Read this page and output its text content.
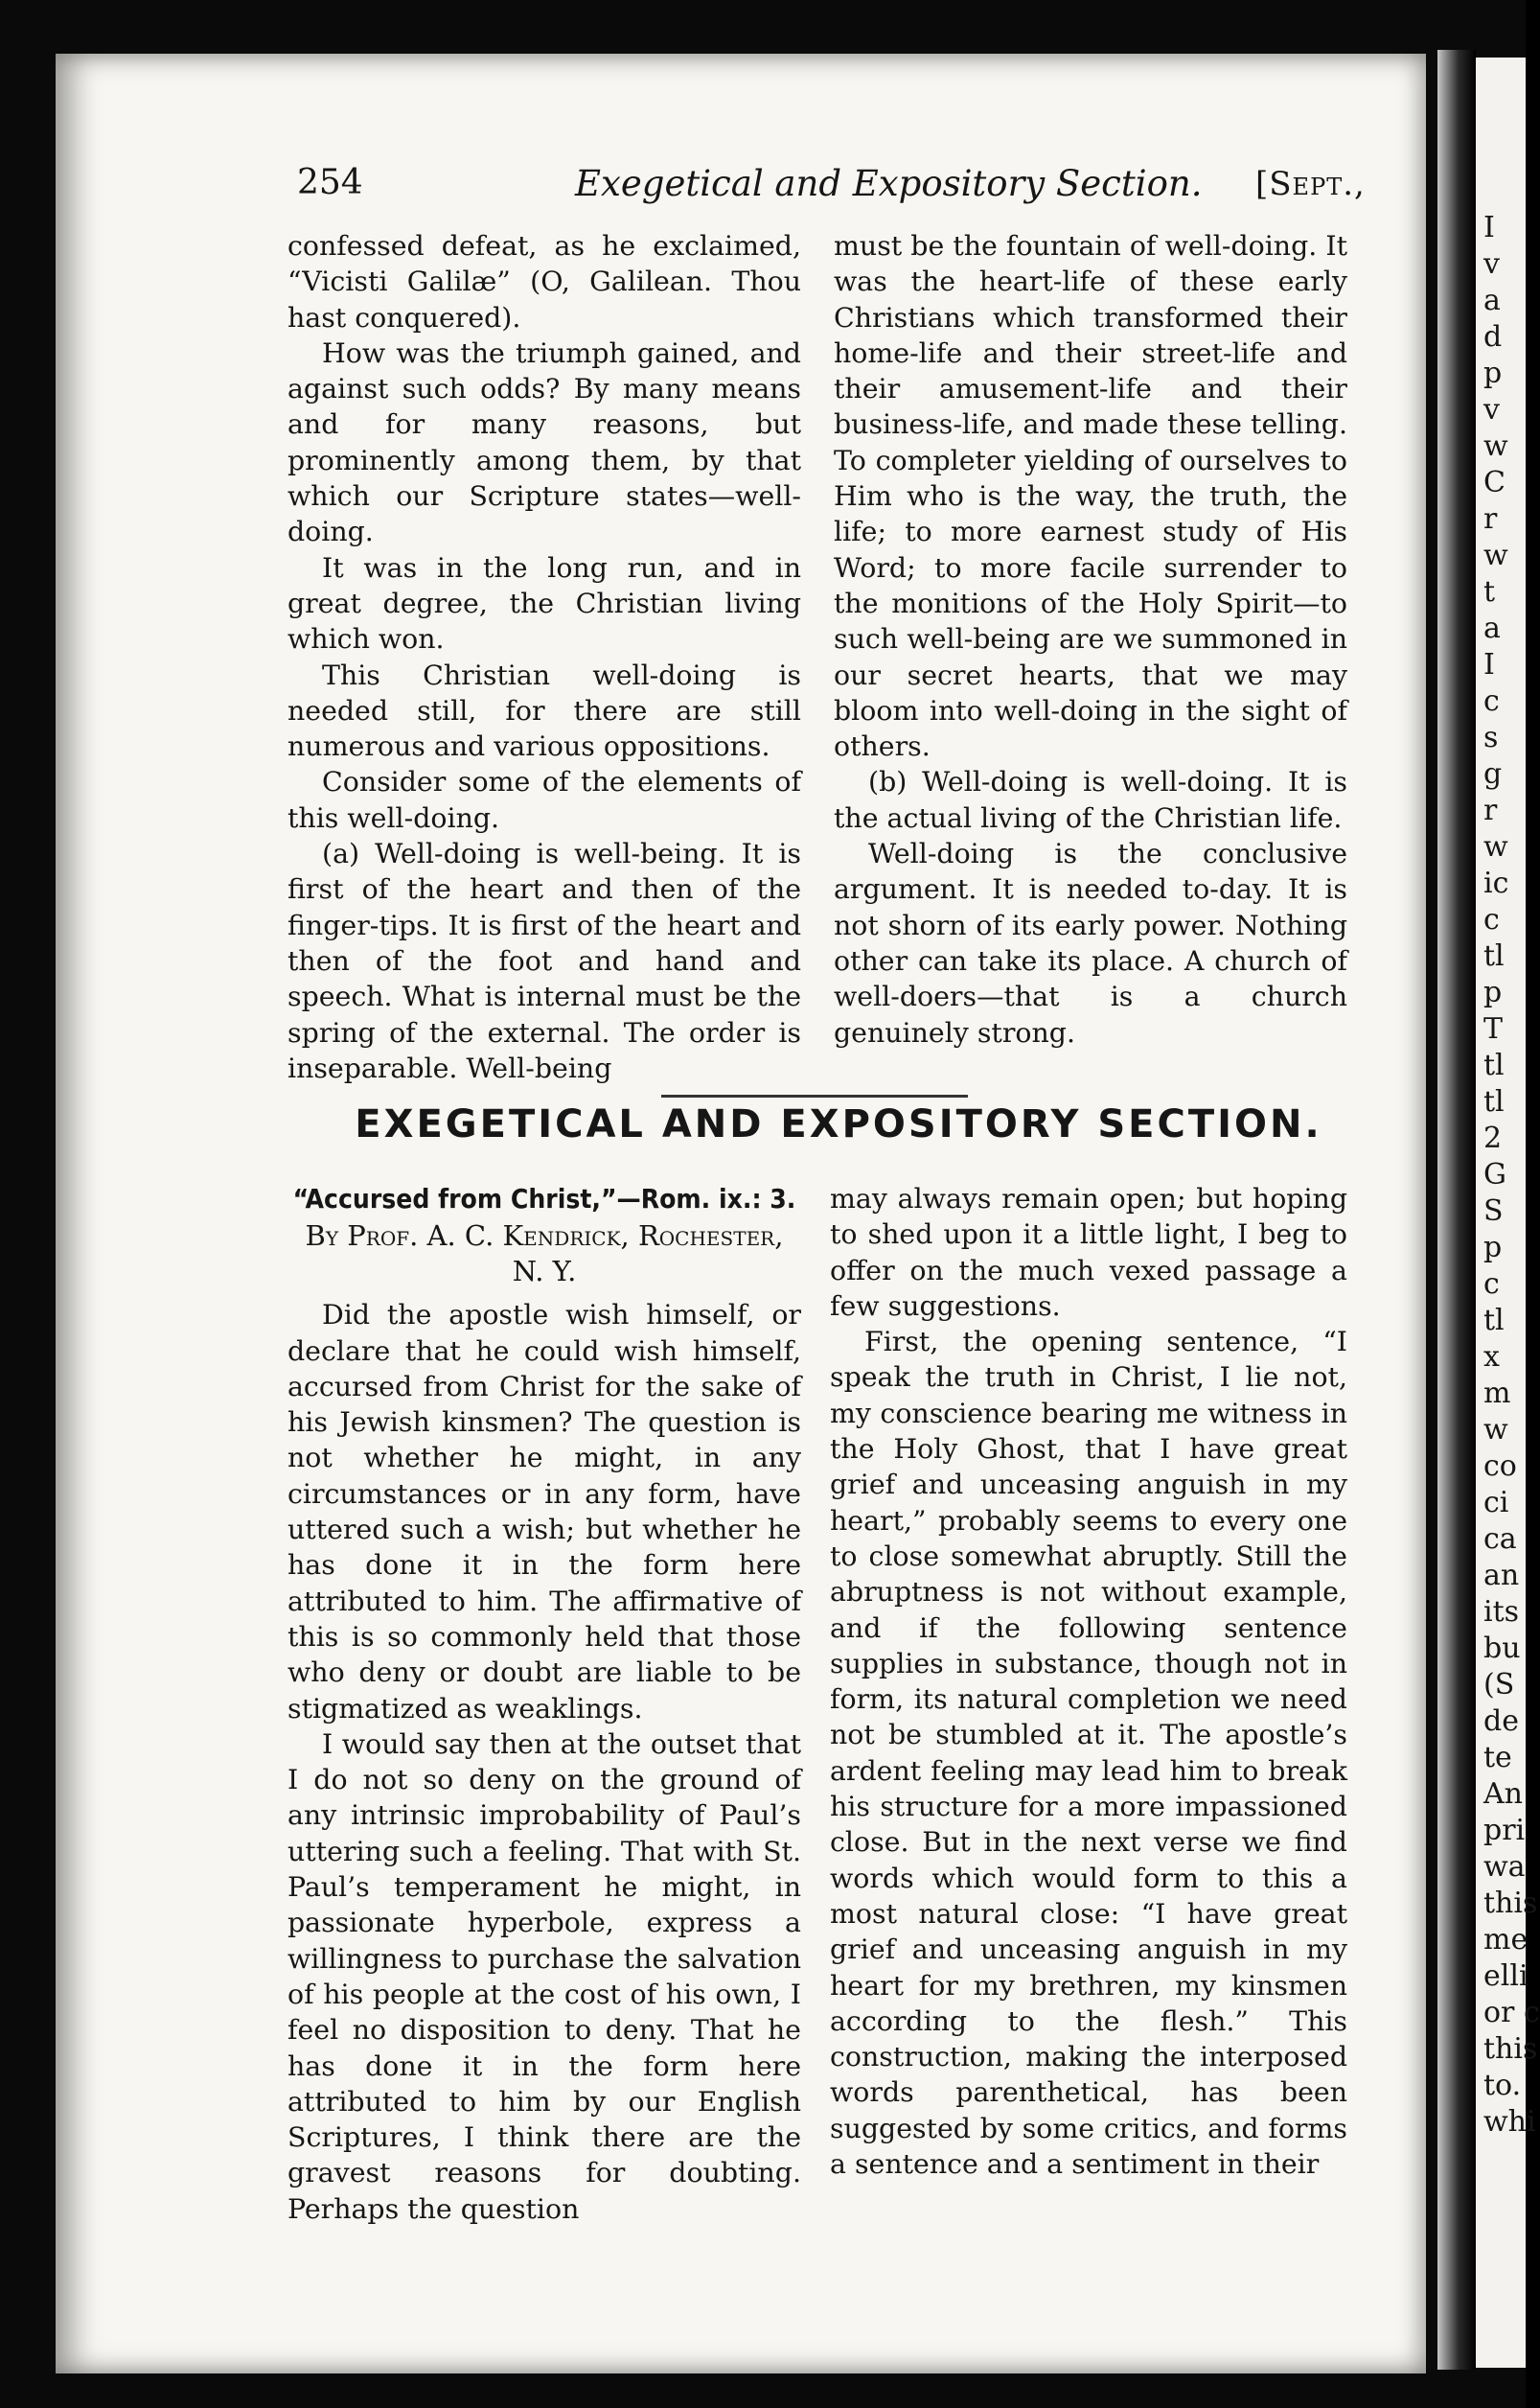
I
v
a
d
p
v
w
C
r
w
t
a
I
c
s
g
r
w
ic
c
tl
p
T
tl
tl
2
G
S
p
c
tl
x
m
w
co
ci
ca
an
its
bu
(S
de
te
An
pri
wa
this
me
elli
or c
this
to.
whi
254	Exegetical and Expository Section. [Sept.,

confessed defeat, as he exclaimed, “Vicisti Galilæ” (O, Galilean. Thou hast conquered).

How was the triumph gained, and against such odds? By many means and for many reasons, but prominently among them, by that which our Scripture states—well-doing.

It was in the long run, and in great degree, the Christian living which won.

This Christian well-doing is needed still, for there are still numerous and various oppositions.

Consider some of the elements of this well-doing.

(a) Well-doing is well-being. It is first of the heart and then of the finger-tips. It is first of the heart and then of the foot and hand and speech. What is internal must be the spring of the external. The order is inseparable. Well-being

must be the fountain of well-doing. It was the heart-life of these early Christians which transformed their home-life and their street-life and their amusement-life and their business-life, and made these telling. To completer yielding of ourselves to Him who is the way, the truth, the life; to more earnest study of His Word; to more facile surrender to the monitions of the Holy Spirit—to such well-being are we summoned in our secret hearts, that we may bloom into well-doing in the sight of others.

(b) Well-doing is well-doing. It is the actual living of the Christian life.

Well-doing is the conclusive argument. It is needed to-day. It is not shorn of its early power. Nothing other can take its place. A church of well-doers—that is a church genuinely strong.

EXEGETICAL AND EXPOSITORY SECTION.
“Accursed from Christ,”—Rom. ix.: 3.
By Prof. A. C. Kendrick, Rochester, N. Y.

Did the apostle wish himself, or declare that he could wish himself, accursed from Christ for the sake of his Jewish kinsmen? The question is not whether he might, in any circumstances or in any form, have uttered such a wish; but whether he has done it in the form here attributed to him. The affirmative of this is so commonly held that those who deny or doubt are liable to be stigmatized as weaklings.

I would say then at the outset that I do not so deny on the ground of any intrinsic improbability of Paul’s uttering such a feeling. That with St. Paul’s temperament he might, in passionate hyperbole, express a willingness to purchase the salvation of his people at the cost of his own, I feel no disposition to deny. That he has done it in the form here attributed to him by our English Scriptures, I think there are the gravest reasons for doubting. Perhaps the question

may always remain open; but hoping to shed upon it a little light, I beg to offer on the much vexed passage a few suggestions.

First, the opening sentence, “I speak the truth in Christ, I lie not, my conscience bearing me witness in the Holy Ghost, that I have great grief and unceasing anguish in my heart,” probably seems to every one to close somewhat abruptly. Still the abruptness is not without example, and if the following sentence supplies in substance, though not in form, its natural completion we need not be stumbled at it. The apostle’s ardent feeling may lead him to break his structure for a more impassioned close. But in the next verse we find words which would form to this a most natural close: “I have great grief and unceasing anguish in my heart for my brethren, my kinsmen according to the flesh.” This construction, making the interposed words parenthetical, has been suggested by some critics, and forms a sentence and a sentiment in their
